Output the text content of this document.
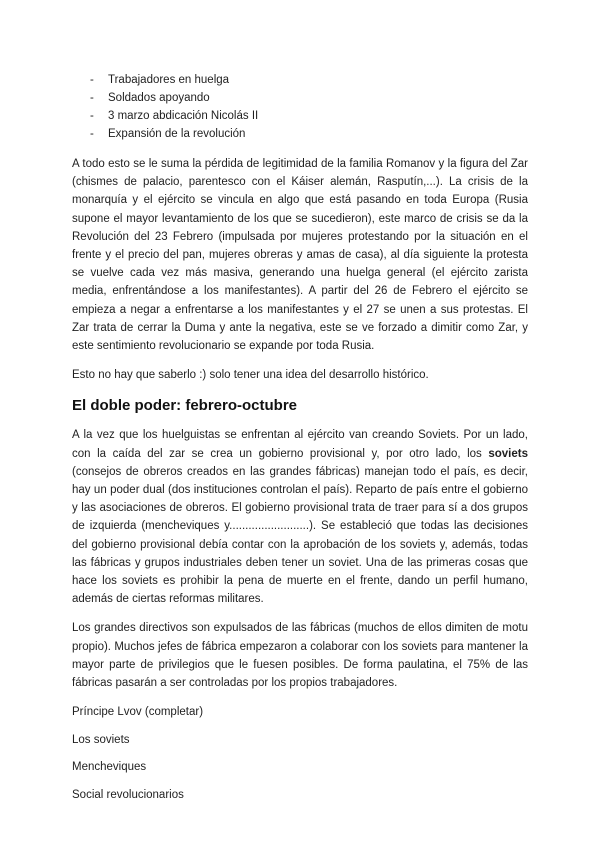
- Trabajadores en huelga
- Soldados apoyando
- 3 marzo abdicación Nicolás II
- Expansión de la revolución

A todo esto se le suma la pérdida de legitimidad de la familia Romanov y la figura del Zar (chismes de palacio, parentesco con el Káiser alemán, Rasputín,...). La crisis de la monarquía y el ejército se vincula en algo que está pasando en toda Europa (Rusia supone el mayor levantamiento de los que se sucedieron), este marco de crisis se da la Revolución del 23 Febrero (impulsada por mujeres protestando por la situación en el frente y el precio del pan, mujeres obreras y amas de casa), al día siguiente la protesta se vuelve cada vez más masiva, generando una huelga general (el ejército zarista media, enfrentándose a los manifestantes). A partir del 26 de Febrero el ejército se empieza a negar a enfrentarse a los manifestantes y el 27 se unen a sus protestas. El Zar trata de cerrar la Duma y ante la negativa, este se ve forzado a dimitir como Zar, y este sentimiento revolucionario se expande por toda Rusia.

Esto no hay que saberlo :) solo tener una idea del desarrollo histórico.

El doble poder: febrero-octubre

A la vez que los huelguistas se enfrentan al ejército van creando Soviets. Por un lado, con la caída del zar se crea un gobierno provisional y, por otro lado, los soviets (consejos de obreros creados en las grandes fábricas) manejan todo el país, es decir, hay un poder dual (dos instituciones controlan el país). Reparto de país entre el gobierno y las asociaciones de obreros. El gobierno provisional trata de traer para sí a dos grupos de izquierda (mencheviques y.........................). Se estableció que todas las decisiones del gobierno provisional debía contar con la aprobación de los soviets y, además, todas las fábricas y grupos industriales deben tener un soviet. Una de las primeras cosas que hace los soviets es prohibir la pena de muerte en el frente, dando un perfil humano, además de ciertas reformas militares.

Los grandes directivos son expulsados de las fábricas (muchos de ellos dimiten de motu propio). Muchos jefes de fábrica empezaron a colaborar con los soviets para mantener la mayor parte de privilegios que le fuesen posibles. De forma paulatina, el 75% de las fábricas pasarán a ser controladas por los propios trabajadores.

Príncipe Lvov (completar)
Los soviets
Mencheviques
Social revolucionarios
